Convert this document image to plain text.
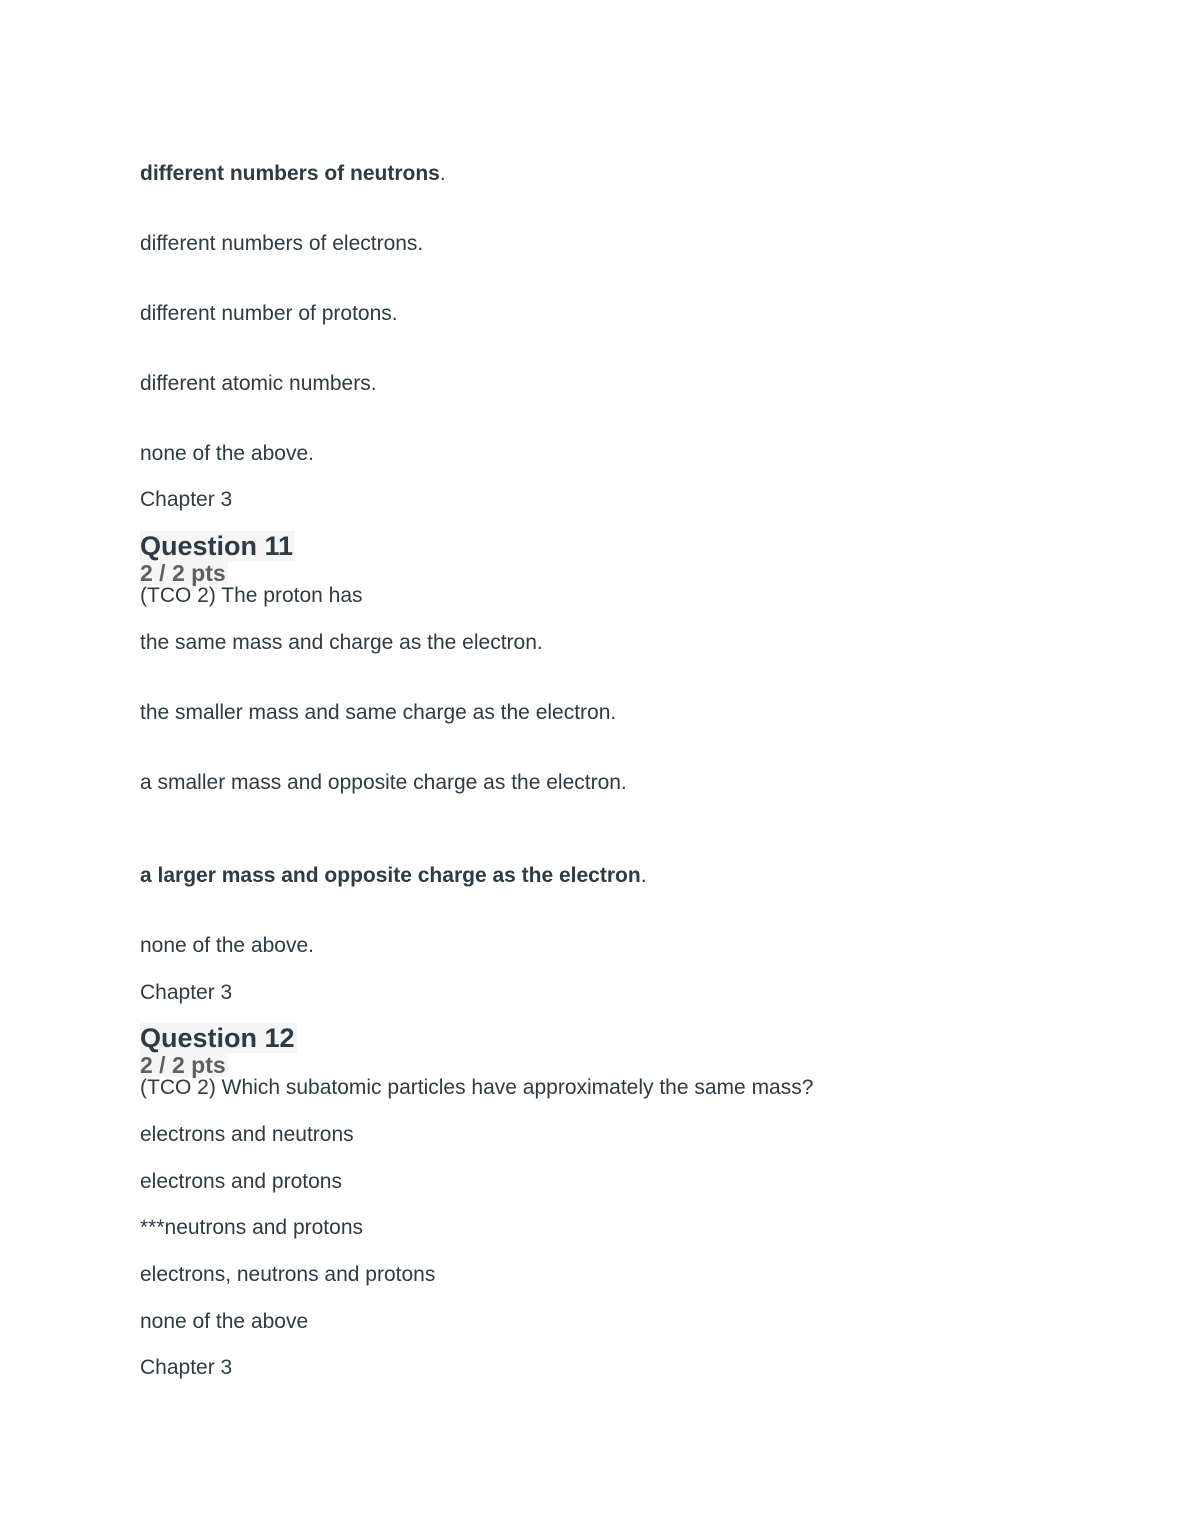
different numbers of neutrons.
different numbers of electrons.
different number of protons.
different atomic numbers.
none of the above.
Chapter 3
Question 11
2 / 2 pts
(TCO 2) The proton has
the same mass and charge as the electron.
the smaller mass and same charge as the electron.
a smaller mass and opposite charge as the electron.
a larger mass and opposite charge as the electron.
none of the above.
Chapter 3
Question 12
2 / 2 pts
(TCO 2) Which subatomic particles have approximately the same mass?
electrons and neutrons
electrons and protons
***neutrons and protons
electrons, neutrons and protons
none of the above
Chapter 3
